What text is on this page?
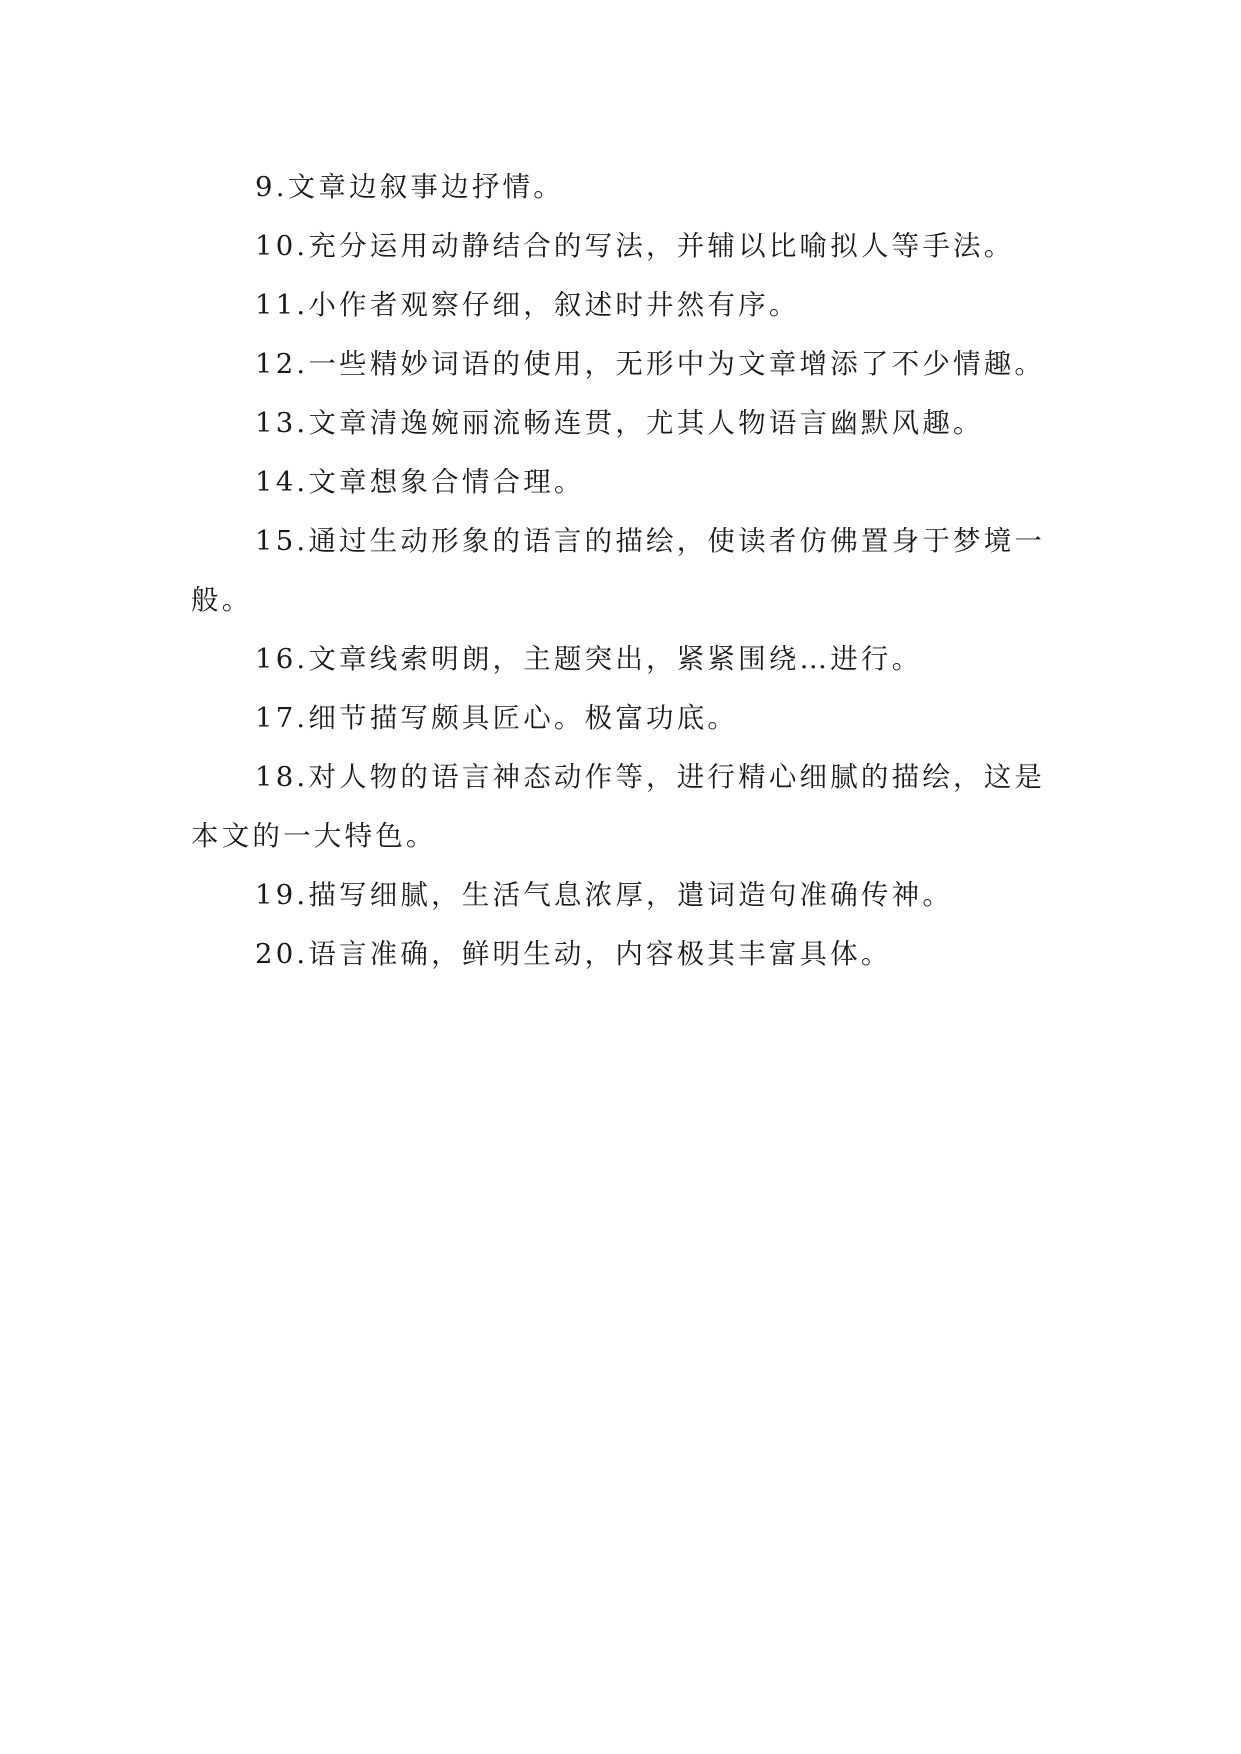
9.文章边叙事边抒情。

10.充分运用动静结合的写法，并辅以比喻拟人等手法。

11.小作者观察仔细，叙述时井然有序。

12.一些精妙词语的使用，无形中为文章增添了不少情趣。

13.文章清逸婉丽流畅连贯，尤其人物语言幽默风趣。

14.文章想象合情合理。

15.通过生动形象的语言的描绘，使读者仿佛置身于梦境一般。

16.文章线索明朗，主题突出，紧紧围绕…进行。

17.细节描写颇具匠心。极富功底。

18.对人物的语言神态动作等，进行精心细腻的描绘，这是本文的一大特色。

19.描写细腻，生活气息浓厚，遣词造句准确传神。

20.语言准确，鲜明生动，内容极其丰富具体。
